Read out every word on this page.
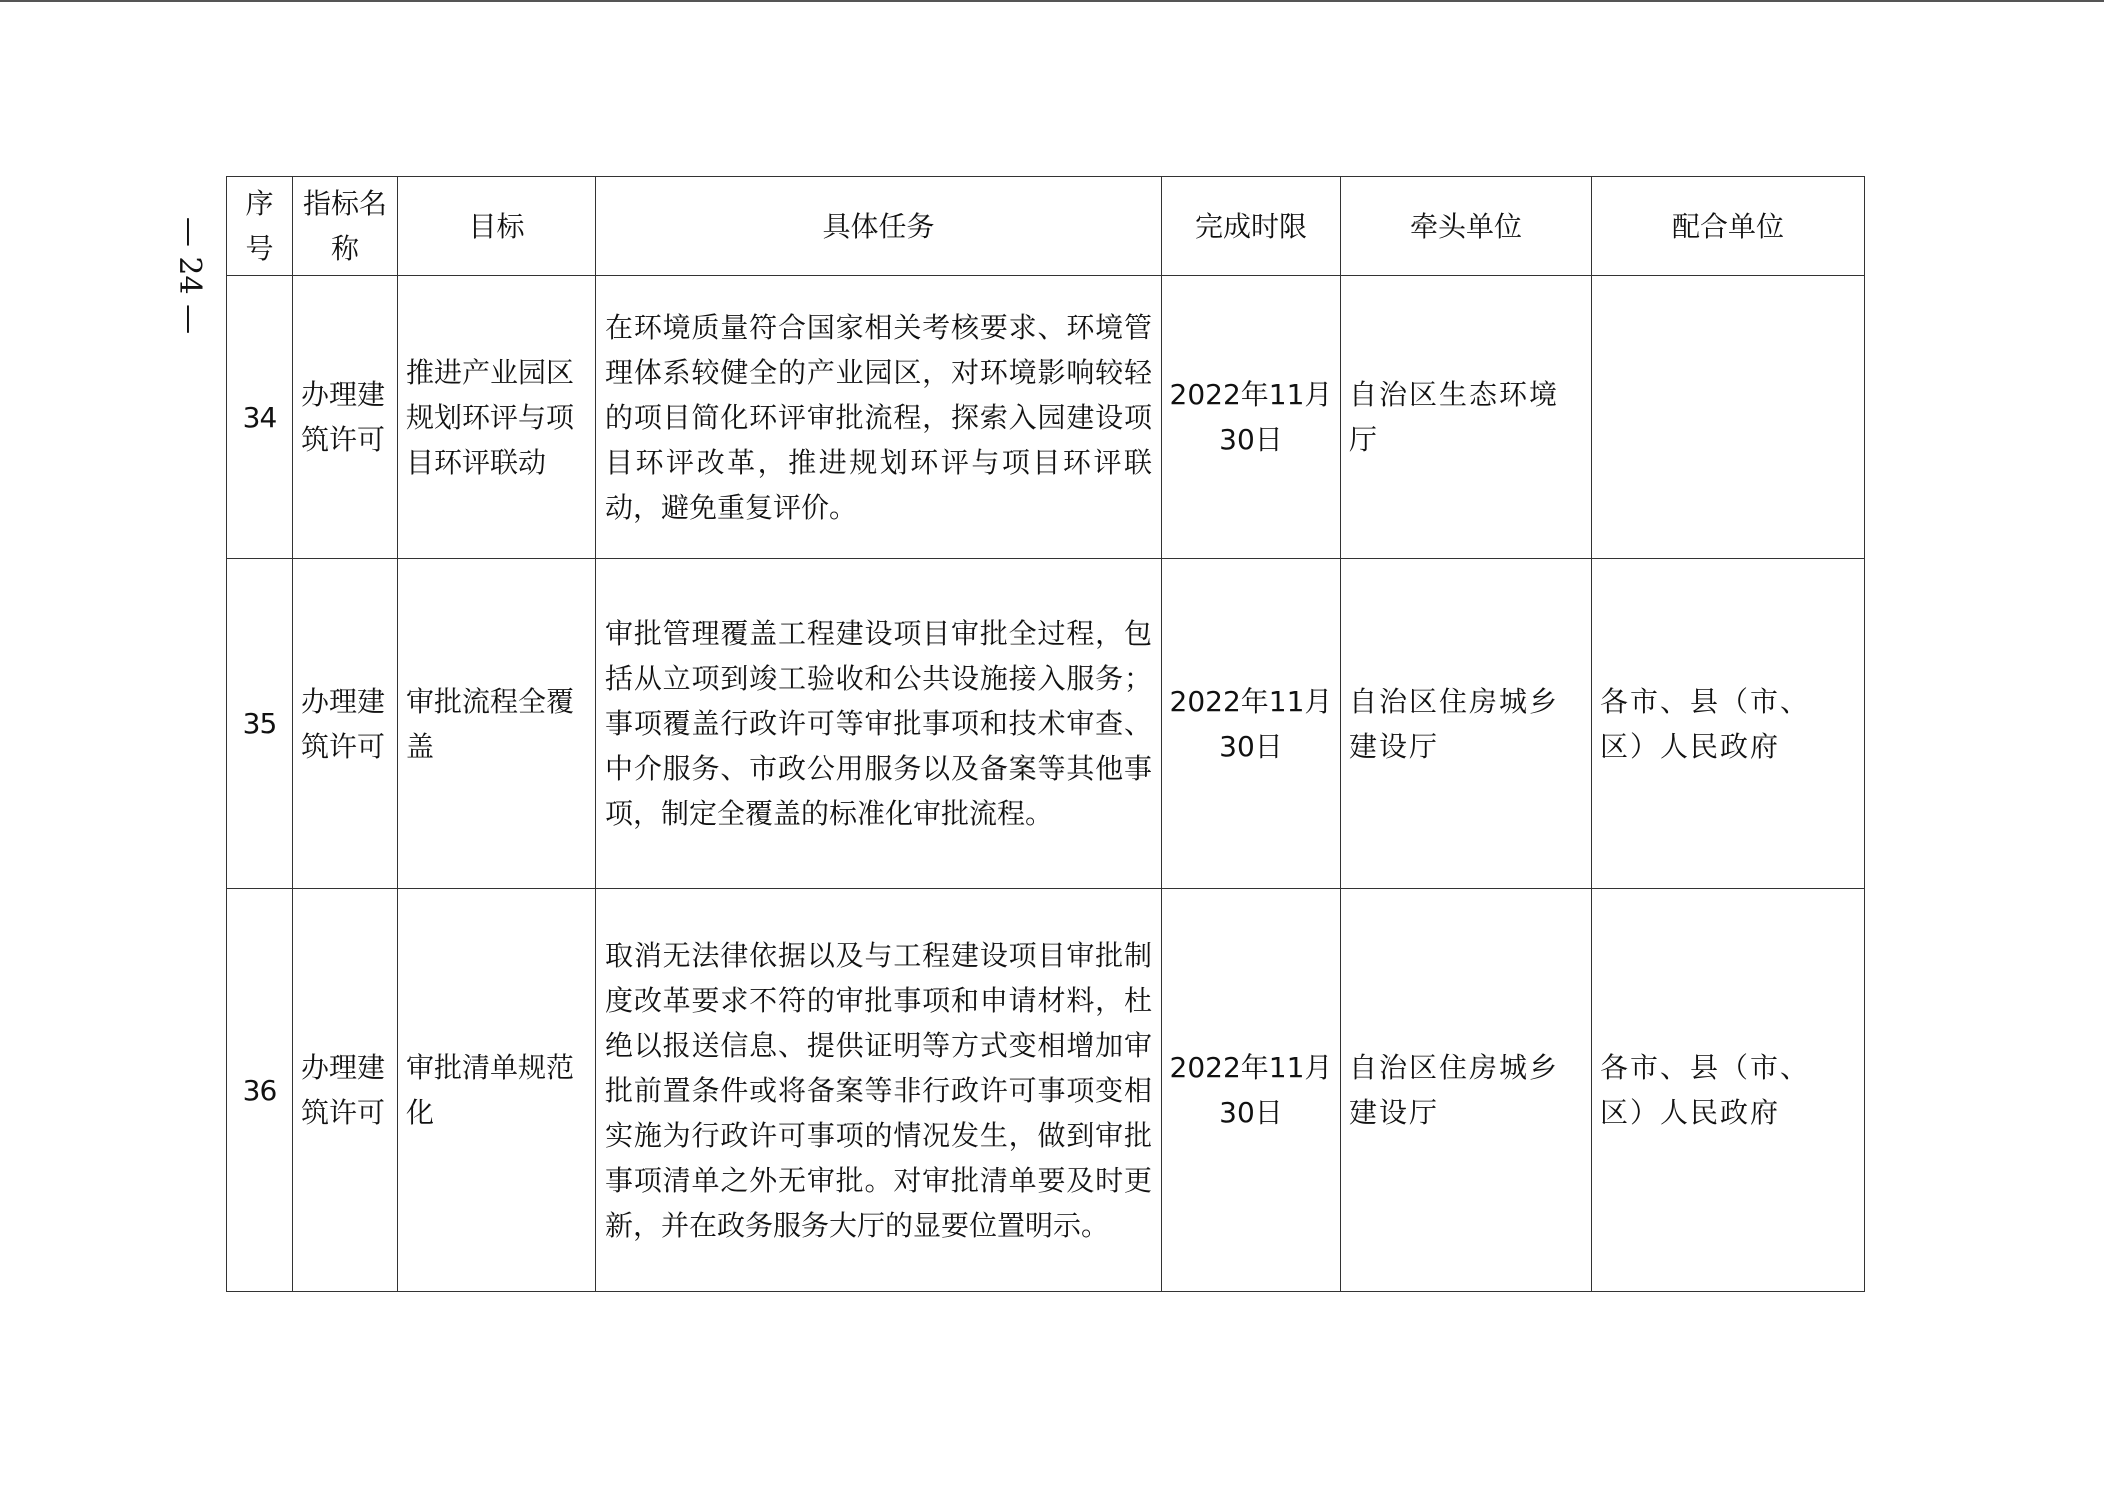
— 24 —
序号	指标名称	目标	具体任务	完成时限	牵头单位	配合单位
34	办理建筑许可	推进产业园区规划环评与项目环评联动	在环境质量符合国家相关考核要求、环境管理体系较健全的产业园区，对环境影响较轻的项目简化环评审批流程，探索入园建设项目环评改革，推进规划环评与项目环评联动，避免重复评价。	2022年11月30日	自治区生态环境厅	
35	办理建筑许可	审批流程全覆盖	审批管理覆盖工程建设项目审批全过程，包括从立项到竣工验收和公共设施接入服务；事项覆盖行政许可等审批事项和技术审查、中介服务、市政公用服务以及备案等其他事项，制定全覆盖的标准化审批流程。	2022年11月30日	自治区住房城乡建设厅	各市、县（市、区）人民政府
36	办理建筑许可	审批清单规范化	取消无法律依据以及与工程建设项目审批制度改革要求不符的审批事项和申请材料，杜绝以报送信息、提供证明等方式变相增加审批前置条件或将备案等非行政许可事项变相实施为行政许可事项的情况发生，做到审批事项清单之外无审批。对审批清单要及时更新，并在政务服务大厅的显要位置明示。	2022年11月30日	自治区住房城乡建设厅	各市、县（市、区）人民政府
